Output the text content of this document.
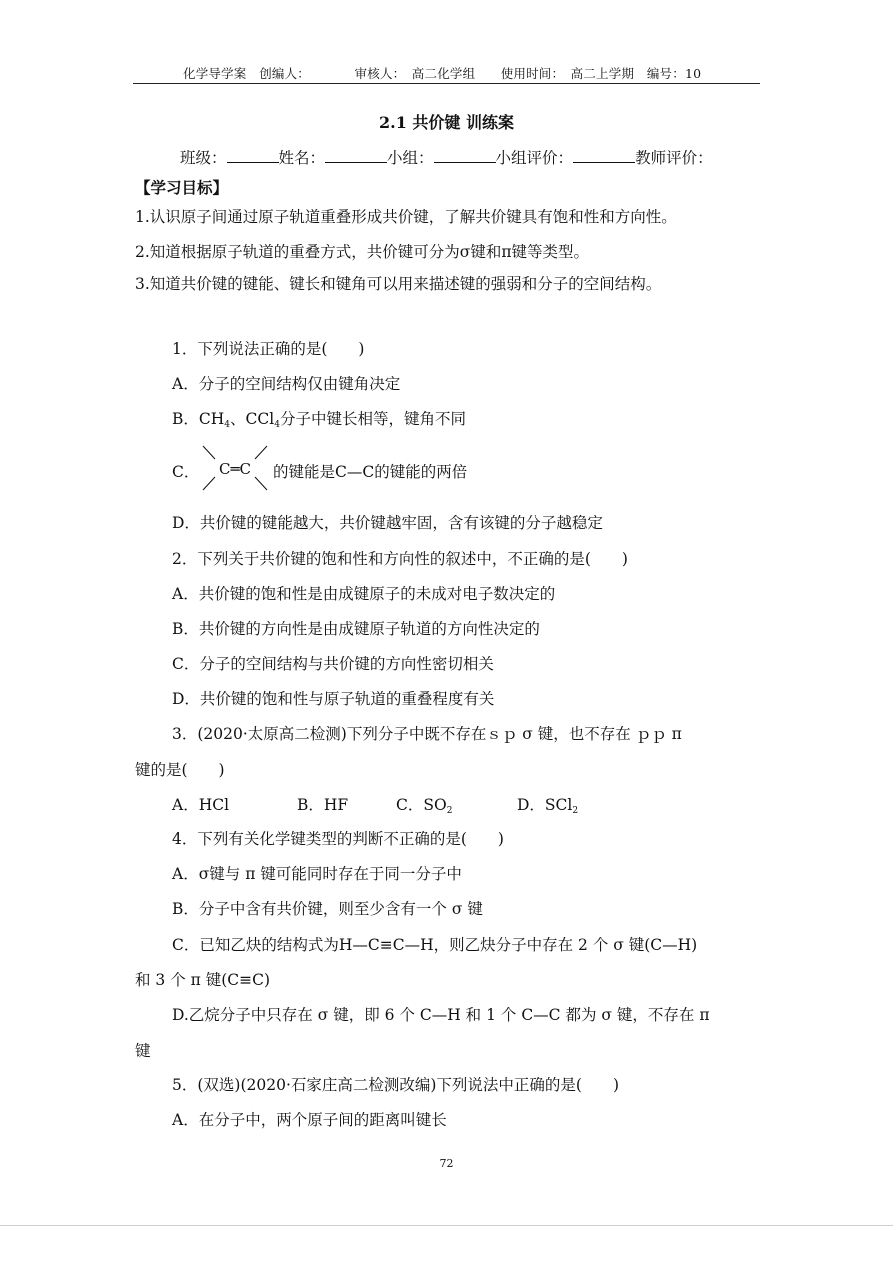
化学导学案　创编人：　　　　审核人：　高二化学组　　使用时间：　高二上学期　编号：10
2.1 共价键 训练案
班级：	姓名：	小组：	小组评价：	教师评价：
【学习目标】
1.认识原子间通过原子轨道重叠形成共价键，了解共价键具有饱和性和方向性。
2.知道根据原子轨道的重叠方式，共价键可分为σ键和π键等类型。
3.知道共价键的键能、键长和键角可以用来描述键的强弱和分子的空间结构。
1．下列说法正确的是(　　)
A．分子的空间结构仅由键角决定
B．$CH_4$、CCl$_4$分子中键长相等，键角不同
C． C═C 的键能是C—C的键能的两倍
D．共价键的键能越大，共价键越牢固，含有该键的分子越稳定
2．下列关于共价键的饱和性和方向性的叙述中，不正确的是(　　)
A．共价键的饱和性是由成键原子的未成对电子数决定的
B．共价键的方向性是由成键原子轨道的方向性决定的
C．分子的空间结构与共价键的方向性密切相关
D．共价键的饱和性与原子轨道的重叠程度有关
3．(2020·太原高二检测)下列分子中既不存在ｓｐ σ 键，也不存在 ｐｐ π
键的是(　　)
A．HCl	B．HF	C．$SO_2$	D．SCl$_2$
4．下列有关化学键类型的判断不正确的是(　　)
A．σ键与 π 键可能同时存在于同一分子中
B．分子中含有共价键，则至少含有一个 σ 键
C．已知乙炔的结构式为H—C≡C—H，则乙炔分子中存在 2 个 σ 键(C—H)
和 3 个 π 键(C≡C)
D.乙烷分子中只存在 σ 键，即 6 个 C—H 和 1 个 C—C 都为 σ 键，不存在 π
键
5．(双选)(2020·石家庄高二检测改编)下列说法中正确的是(　　)
A．在分子中，两个原子间的距离叫键长
72
